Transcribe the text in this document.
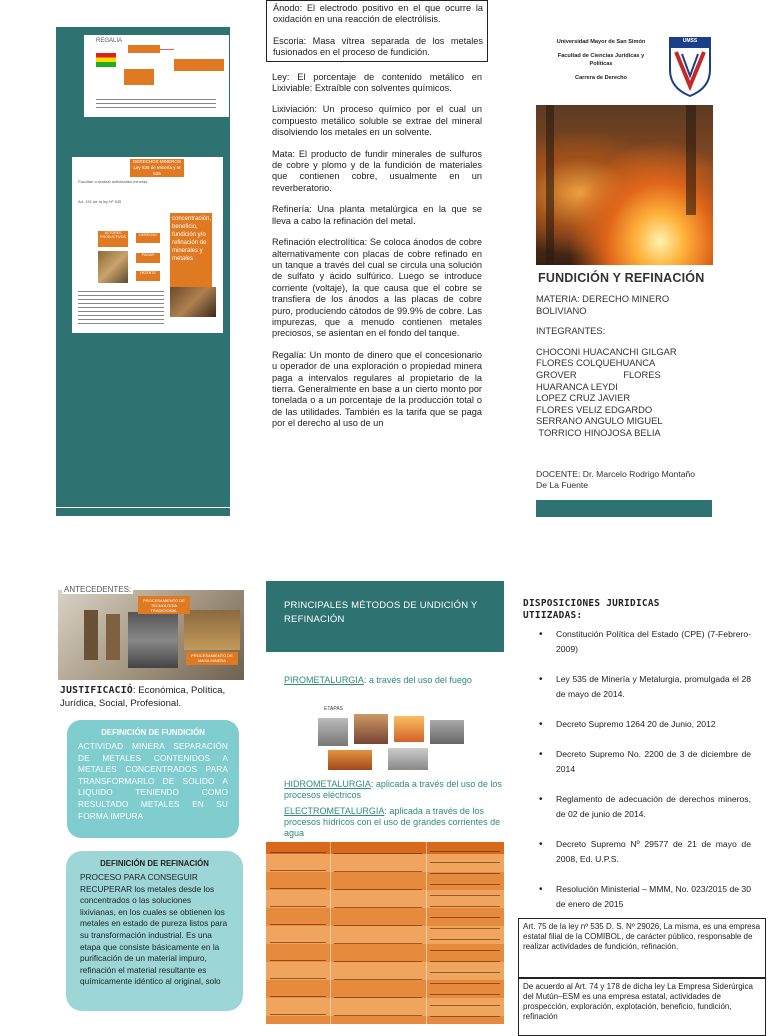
REGALIA
DERECHOS MINEROS
Ley 535 de Minería y M 535
Facultan a realizar actividades mineras
Art. 151 de la ley Nº 535
ACTORES PRODUCTIVOS	DERECHO
PAGAR
PATENTE
concentración, beneficio, fundición y/o refinación de minerales y metales

Ánodo: El electrodo positivo en el que ocurre la oxidación en una reacción de electrólisis.

Escoria: Masa vítrea separada de los metales fusionados en el proceso de fundición.

Ley: El porcentaje de contenido metálico en Lixiviable: Extraíble con solventes químicos.

Lixiviación: Un proceso químico por el cual un compuesto metálico soluble se extrae del mineral disolviendo los metales en un solvente.

Mata: El producto de fundir minerales de sulfuros de cobre y plomo y de la fundición de materiales que contienen cobre, usualmente en un reverberatorio.

Refinería: Una planta metalúrgica en la que se lleva a cabo la refinación del metal.

Refinación electrolítica: Se coloca ánodos de cobre alternativamente con placas de cobre refinado en un tanque a través del cual se circula una solución de sulfato y ácido sulfúrico. Luego se introduce corriente (voltaje), la que causa que el cobre se transfiera de los ánodos a las placas de cobre puro, produciendo cátodos de 99.9% de cobre. Las impurezas, que a menudo contienen metales preciosos, se asientan en el fondo del tanque.

Regalía: Un monto de dinero que el concesionario u operador de una exploración o propiedad minera paga a intervalos regulares al propietario de la tierra. Generalmente en base a un cierto monto por tonelada o a un porcentaje de la producción total o de las utilidades. También es la tarifa que se paga por el derecho al uso de un

Universidad Mayor de San Simón
Facultad de Ciencias Jurídicas y Políticas
Carrera de Derecho
UMSS
FUNDICIÓN Y REFINACIÓN
MATERIA: DERECHO MINERO BOLIVIANO
INTEGRANTES:
CHOCONI HUACANCHI GILGAR
FLORES COLQUEHUANCA
GROVER FLORES
HUARANCA LEYDI
LOPEZ CRUZ JAVIER
FLORES VELIZ EDGARDO
SERRANO ANGULO MIGUEL
TORRICO HINOJOSA BELIA
DOCENTE: Dr. Marcelo Rodrigo Montaño De La Fuente
PROCESAMIENTO DE TECNOLOGÍA TRADICIONAL
PROCESAMIENTO DE MASA MINERA
ANTECEDENTES:
JUSTIFICACIÓ: Económica, Política, Jurídica, Social, Profesional.
DEFINICIÓN DE FUNDICIÓN
ACTIVIDAD MINERA SEPARACIÓN DE METALES CONTENIDOS A METALES CONCENTRADOS PARA TRANSFORMARLO DE SOLIDO A LIQUIDO TENIENDO COMO RESULTADO METALES EN SU FORMA IMPURA
DEFINICIÓN DE REFINACIÓN
PROCESO PARA CONSEGUIR RECUPERAR los metales desde los concentrados o las soluciones lixivianas, en los cuales se obtienen los metales en estado de pureza listos para su transformación industrial. Es una etapa que consiste básicamente en la purificación de un material impuro, refinación el material resultante es químicamente idéntico al original, solo
PRINCIPALES MÉTODOS DE UNDICIÓN Y REFINACIÓN
PIROMETALURGIA: a través del uso del fuego
ETAPAS
HIDROMETALURGIA: aplicada a través del uso de los procesos eléctricos
ELECTROMETALURGIA: aplicada a través de los procesos hídricos con el uso de grandes corrientes de agua
DISPOSICIONES JURIDICAS UTIIZADAS:
• Constitución Política del Estado (CPE) (7-Febrero-2009)
• Ley 535 de Minería y Metalurgia, promulgada el 28 de mayo de 2014.
• Decreto Supremo 1264 20 de Junio, 2012
• Decreto Supremo No. 2200 de 3 de diciembre de 2014
• Reglamento de adecuación de derechos mineros, de 02 de junio de 2014.
• Decreto Supremo Nº 29577 de 21 de mayo de 2008, Ed. U.P.S.
• Resolución Ministerial – MMM, No. 023/2015 de 30 de enero de 2015
Art. 75 de la ley nº 535 D. S. Nº 29026, La misma, es una empresa estatal filial de la COMIBOL, de carácter público, responsable de realizar actividades de fundición, refinación.
De acuerdo al Art. 74 y 178 de dicha ley La Empresa Siderúrgica del Mutún–ESM es una empresa estatal, actividades de prospección, exploración, explotación, beneficio, fundición, refinación
